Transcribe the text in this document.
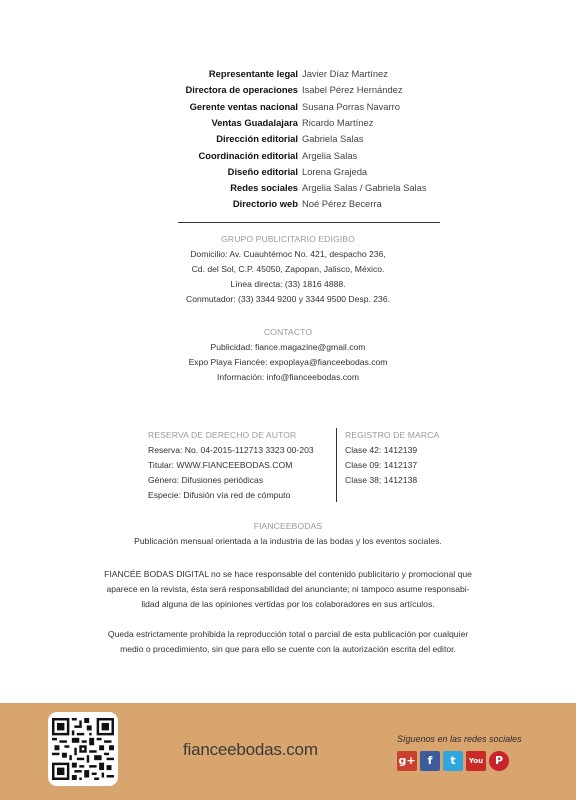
Representante legal Javier Díaz Martínez
Directora de operaciones Isabel Pérez Hernández
Gerente ventas nacional Susana Porras Navarro
Ventas Guadalajara Ricardo Martínez
Dirección editorial Gabriela Salas
Coordinación editorial Argelia Salas
Diseño editorial Lorena Grajeda
Redes sociales Argelia Salas / Gabriela Salas
Directorio web Noé Pérez Becerra
GRUPO PUBLICITARIO EDIGIBO
Domicilio: Av. Cuauhtémoc No. 421, despacho 236,
Cd. del Sol, C.P. 45050, Zapopan, Jalisco, México.
Línea directa: (33) 1816 4888.
Conmutador: (33) 3344 9200 y 3344 9500 Desp. 236.
CONTACTO
Publicidad: fiance.magazine@gmail.com
Expo Playa Fiancée: expoplaya@fianceebodas.com
Información: info@fianceebodas.com
RESERVA DE DERECHO DE AUTOR
Reserva: No. 04-2015-112713 3323 00-203
Titular: WWW.FIANCEEBODAS.COM
Género: Difusiones periódicas
Especie: Difusión vía red de cómputo
REGISTRO DE MARCA
Clase 42: 1412139
Clase 09: 1412137
Clase 38; 1412138
FIANCEEBODAS
Publicación mensual orientada a la industria de las bodas y los eventos sociales.
FIANCÉE BODAS DIGITAL no se hace responsable del contenido publicitario y promocional que
aparece en la revista, ésta será responsabilidad del anunciante; ni tampoco asume responsabi-
lidad alguna de las opiniones vertidas por los colaboradores en sus artículos.
Queda estrictamente prohibida la reproducción total o parcial de esta publicación por cualquier
medio o procedimiento, sin que para ello se cuente con la autorización escrita del editor.
fianceebodas.com
Síguenos en las redes sociales
g+ f t You P
